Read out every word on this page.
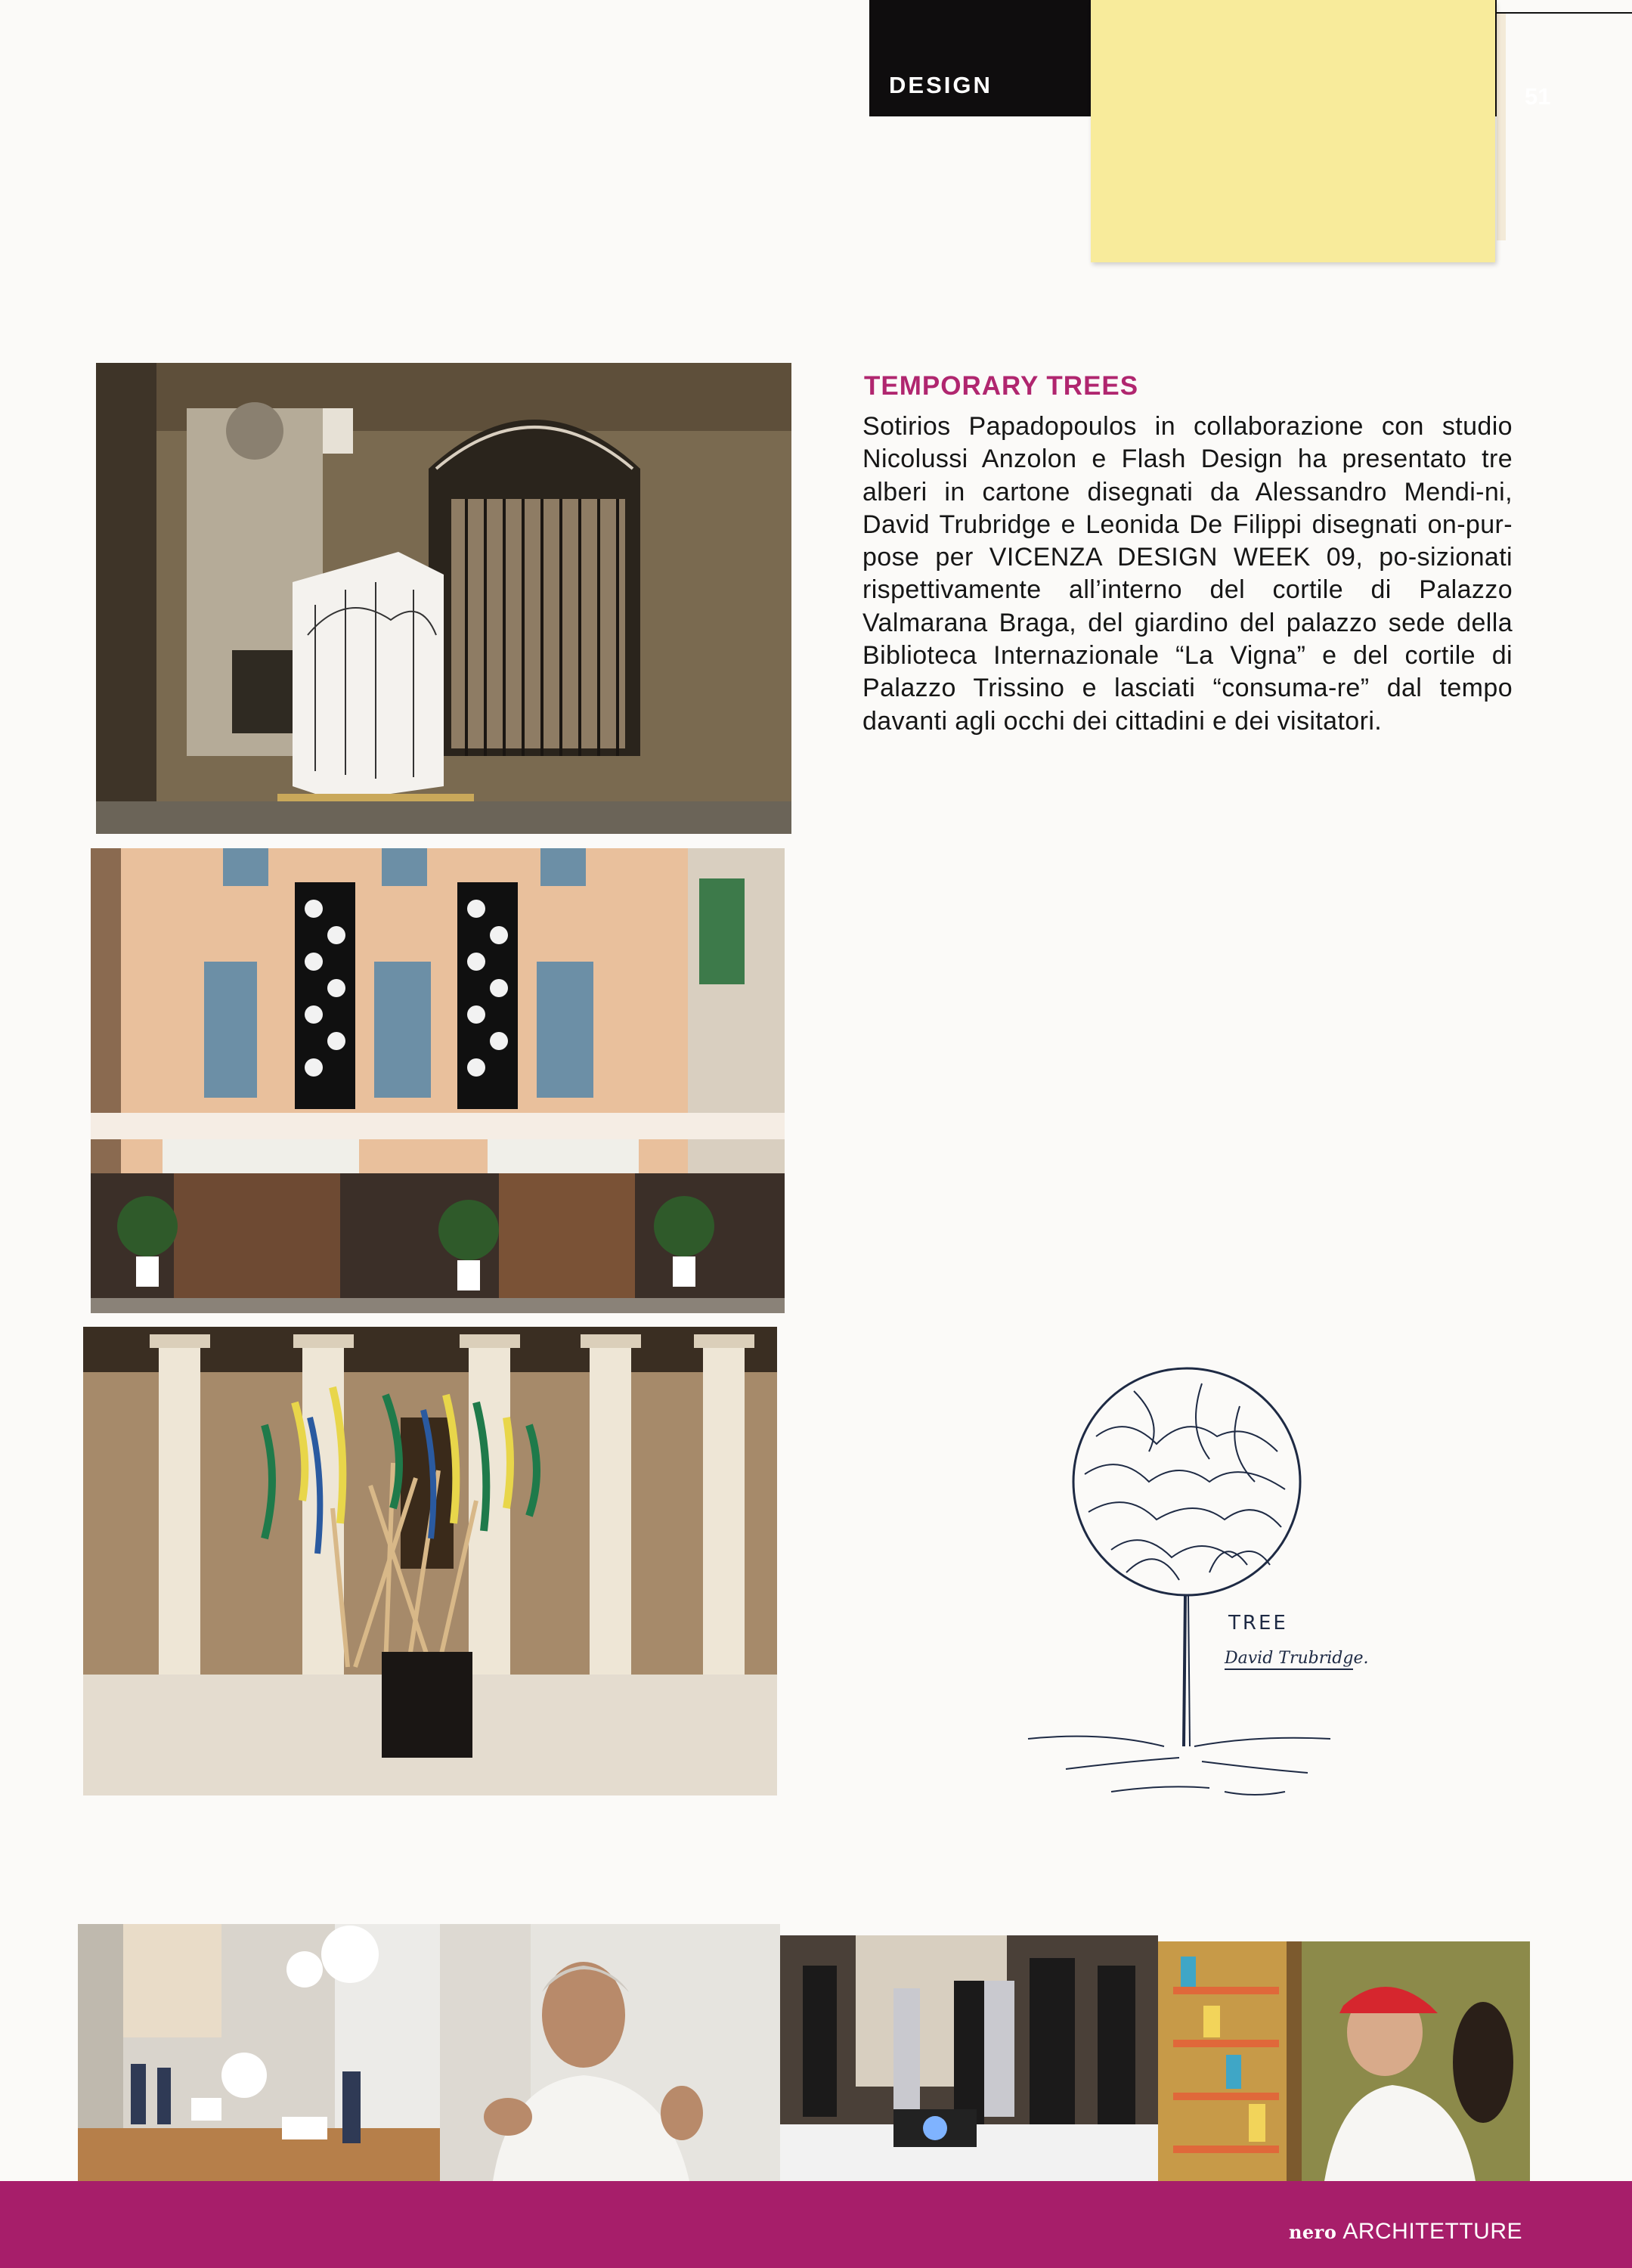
DESIGN	51
TEMPORARY TREES
Sotirios Papadopoulos in collaborazione con studio Nicolussi Anzolon e Flash Design ha presentato tre alberi in cartone disegnati da Alessandro Mendi-ni, David Trubridge e Leonida De Filippi disegnati on-pur-pose per VICENZA DESIGN WEEK 09, po-sizionati rispettivamente all’interno del cortile di Palazzo Valmarana Braga, del giardino del palazzo sede della Biblioteca Internazionale “La Vigna” e del cortile di Palazzo Trissino e lasciati “consuma-re” dal tempo davanti agli occhi dei cittadini e dei visitatori.
TREE
David Trubridge.
nero ARCHITETTURE
